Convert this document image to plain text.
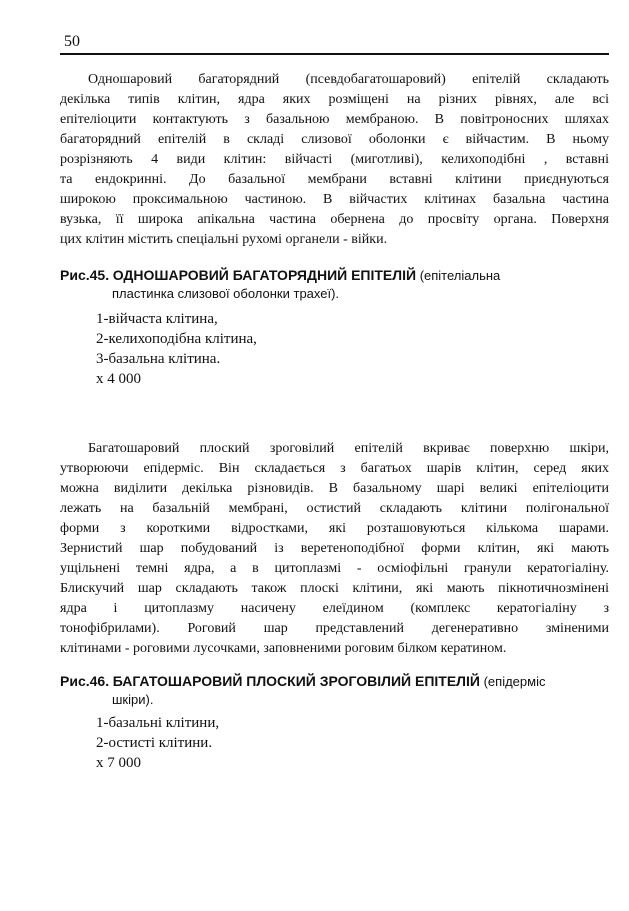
50
Одношаровий багаторядний (псевдобагатошаровий) епітелій складають
декілька типів клітин, ядра яких розміщені на різних рівнях, але всі
епітеліоцити контактують з базальною мембраною. В повітроносних шляхах
багаторядний епітелій в складі слизової оболонки є війчастим. В ньому
розрізняють 4 види клітин: війчасті (миготливі), келихоподібні , вставні
та ендокринні. До базальної мембрани вставні клітини приєднуються
широкою проксимальною частиною. В війчастих клітинах базальна частина
вузька, її широка апікальна частина обернена до просвіту органа. Поверхня
цих клітин містить спеціальні рухомі органели - війки.
Рис.45. ОДНОШАРОВИЙ БАГАТОРЯДНИЙ ЕПІТЕЛІЙ (епітеліальна
пластинка слизової оболонки трахеї).
1-війчаста клітина,
2-келихоподібна клітина,
3-базальна клітина.
х 4 000
Багатошаровий плоский зроговілий епітелій вкриває поверхню шкіри,
утворюючи епідерміс. Він складається з багатьох шарів клітин, серед яких
можна виділити декілька різновидів. В базальному шарі великі епітеліоцити
лежать на базальній мембрані, остистий складають клітини полігональної
форми з короткими відростками, які розташовуються кількома шарами.
Зернистий шар побудований із веретеноподібної форми клітин, які мають
ущільнені темні ядра, а в цитоплазмі - осміофільні гранули кератогіаліну.
Блискучий шар складають також плоскі клітини, які мають пікнотичнозмінені
ядра і цитоплазму насичену елеїдином (комплекс кератогіаліну з
тонофібрилами). Роговий шар представлений дегенеративно зміненими
клітинами - роговими лусочками, заповненими роговим білком кератином.
Рис.46. БАГАТОШАРОВИЙ ПЛОСКИЙ ЗРОГОВІЛИЙ ЕПІТЕЛІЙ (епідерміс
шкіри).
1-базальні клітини,
2-остисті клітини.
х 7 000
